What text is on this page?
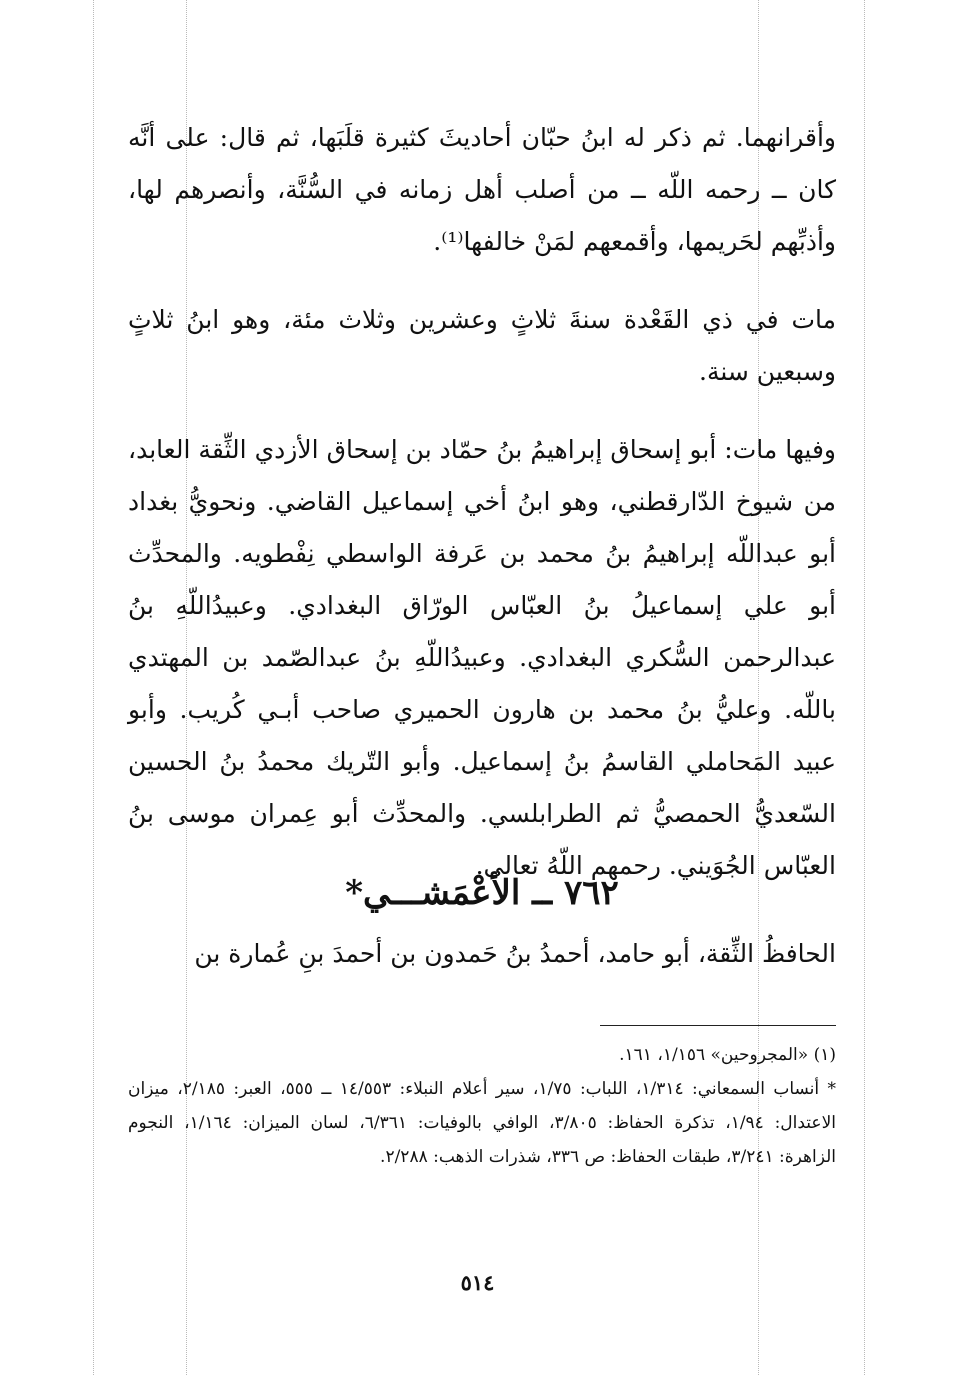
وأقرانهما. ثم ذكر له ابنُ حبّان أحاديثَ كثيرة قلَبَها، ثم قال: على أنَّه كان ــ رحمه اللّه ــ من أصلب أهل زمانه في السُّنَّة، وأنصرهم لها، وأذبِّهم لحَريمها، وأقمعهم لمَنْ خالفها⁽¹⁾.

مات في ذي القَعْدة سنةَ ثلاثٍ وعشرين وثلاث مئة، وهو ابنُ ثلاثٍ وسبعين سنة.

وفيها مات: أبو إسحاق إبراهيمُ بنُ حمّاد بن إسحاق الأزدي الثِّقة العابد، من شيوخ الدّارقطني، وهو ابنُ أخي إسماعيل القاضي. ونحويُّ بغداد أبو عبداللّه إبراهيمُ بنُ محمد بن عَرفة الواسطي نِفْطويه. والمحدِّث أبو علي إسماعيلُ بنُ العبّاس الورّاق البغدادي. وعبيدُاللّهِ بنُ عبدالرحمن السُّكري البغدادي. وعبيدُاللّهِ بنُ عبدالصّمد بن المهتدي باللّه. وعليُّ بنُ محمد بن هارون الحميري صاحب أبـي كُريب. وأبو عبيد المَحاملي القاسمُ بنُ إسماعيل. وأبو التّريك محمدُ بنُ الحسين السّعديُّ الحمصيُّ ثم الطرابلسي. والمحدِّث أبو عِمران موسى بنُ العبّاس الجُوَيني. رحمهم اللّهُ تعالى.

٧٦٢ ــ الأعْمَشـــي*
الحافظُ الثِّقة، أبو حامد، أحمدُ بنُ حَمدون بن أحمدَ بنِ عُمارة بن

(١) «المجروحين» ١/١٥٦، ١٦١.

* أنساب السمعاني: ١/٣١٤، اللباب: ١/٧٥، سير أعلام النبلاء: ١٤/٥٥٣ ــ ٥٥٥، العبر: ٢/١٨٥، ميزان الاعتدال: ١/٩٤، تذكرة الحفاظ: ٣/٨٠٥، الوافي بالوفيات: ٦/٣٦١، لسان الميزان: ١/١٦٤، النجوم الزاهرة: ٣/٢٤١، طبقات الحفاظ: ص ٣٣٦، شذرات الذهب: ٢/٢٨٨.

٥١٤
